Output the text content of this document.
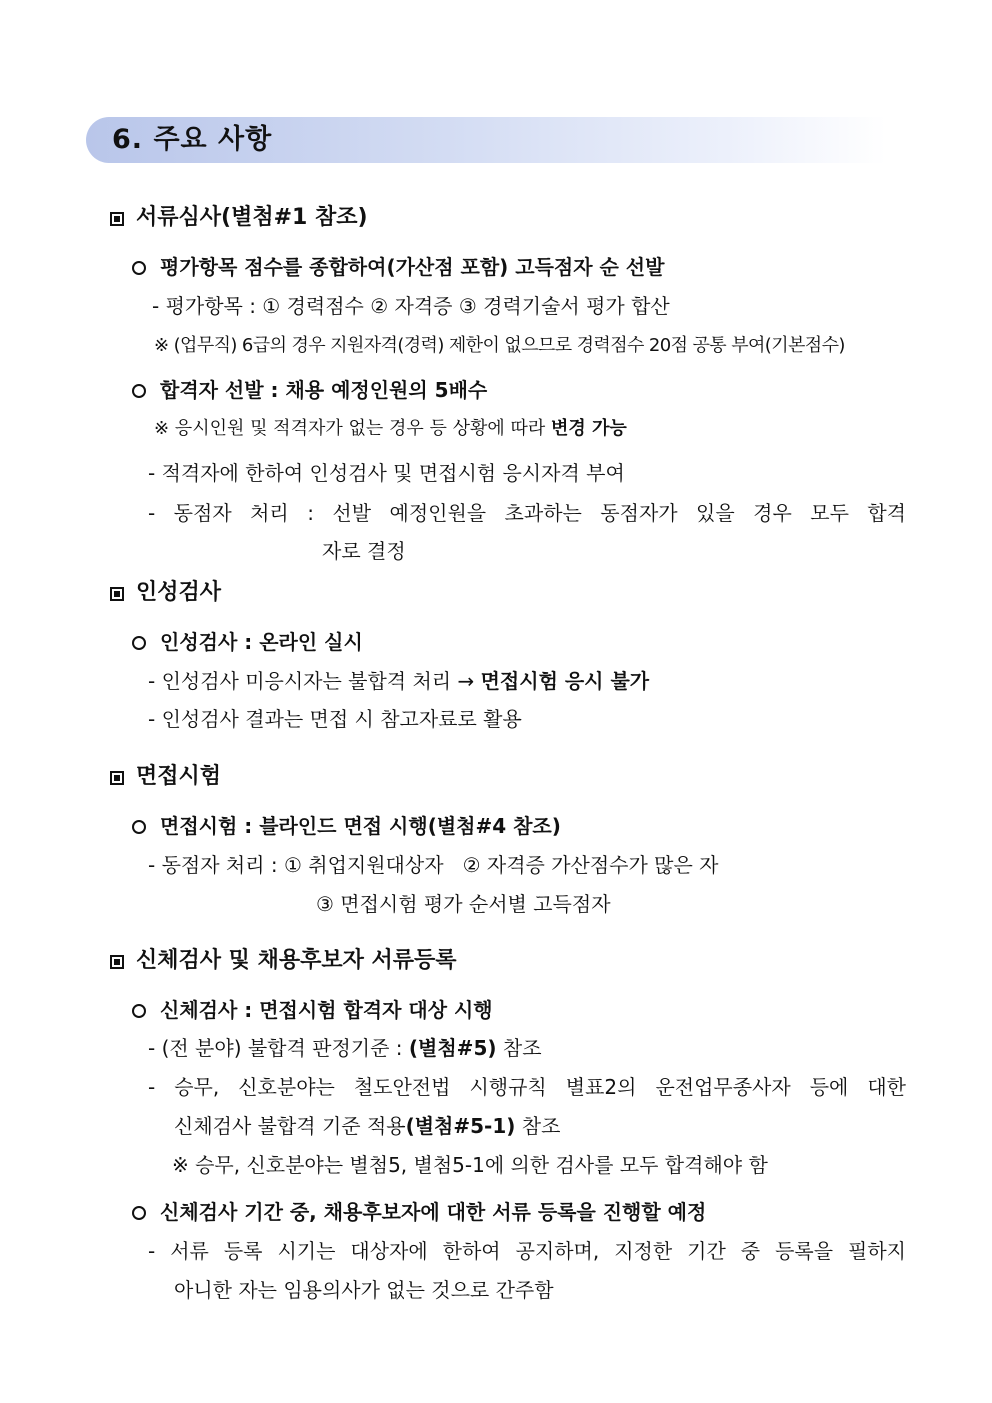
6. 주요 사항
서류심사(별첨#1 참조)
평가항목 점수를 종합하여(가산점 포함) 고득점자 순 선발
- 평가항목 : ① 경력점수 ② 자격증 ③ 경력기술서 평가 합산
※ (업무직) 6급의 경우 지원자격(경력) 제한이 없으므로 경력점수 20점 공통 부여(기본점수)
합격자 선발 : 채용 예정인원의 5배수
※ 응시인원 및 적격자가 없는 경우 등 상황에 따라 변경 가능
- 적격자에 한하여 인성검사 및 면접시험 응시자격 부여
- 동점자 처리 : 선발 예정인원을 초과하는 동점자가 있을 경우 모두 합격
자로 결정
인성검사
인성검사 : 온라인 실시
- 인성검사 미응시자는 불합격 처리 → 면접시험 응시 불가
- 인성검사 결과는 면접 시 참고자료로 활용
면접시험
면접시험 : 블라인드 면접 시행(별첨#4 참조)
- 동점자 처리 : ① 취업지원대상자   ② 자격증 가산점수가 많은 자
③ 면접시험 평가 순서별 고득점자
신체검사 및 채용후보자 서류등록
신체검사 : 면접시험 합격자 대상 시행
- (전 분야) 불합격 판정기준 : (별첨#5) 참조
- 승무, 신호분야는 철도안전법 시행규칙 별표2의 운전업무종사자 등에 대한
신체검사 불합격 기준 적용(별첨#5-1) 참조
※ 승무, 신호분야는 별첨5, 별첨5-1에 의한 검사를 모두 합격해야 함
신체검사 기간 중, 채용후보자에 대한 서류 등록을 진행할 예정
- 서류 등록 시기는 대상자에 한하여 공지하며, 지정한 기간 중 등록을 필하지
아니한 자는 임용의사가 없는 것으로 간주함
